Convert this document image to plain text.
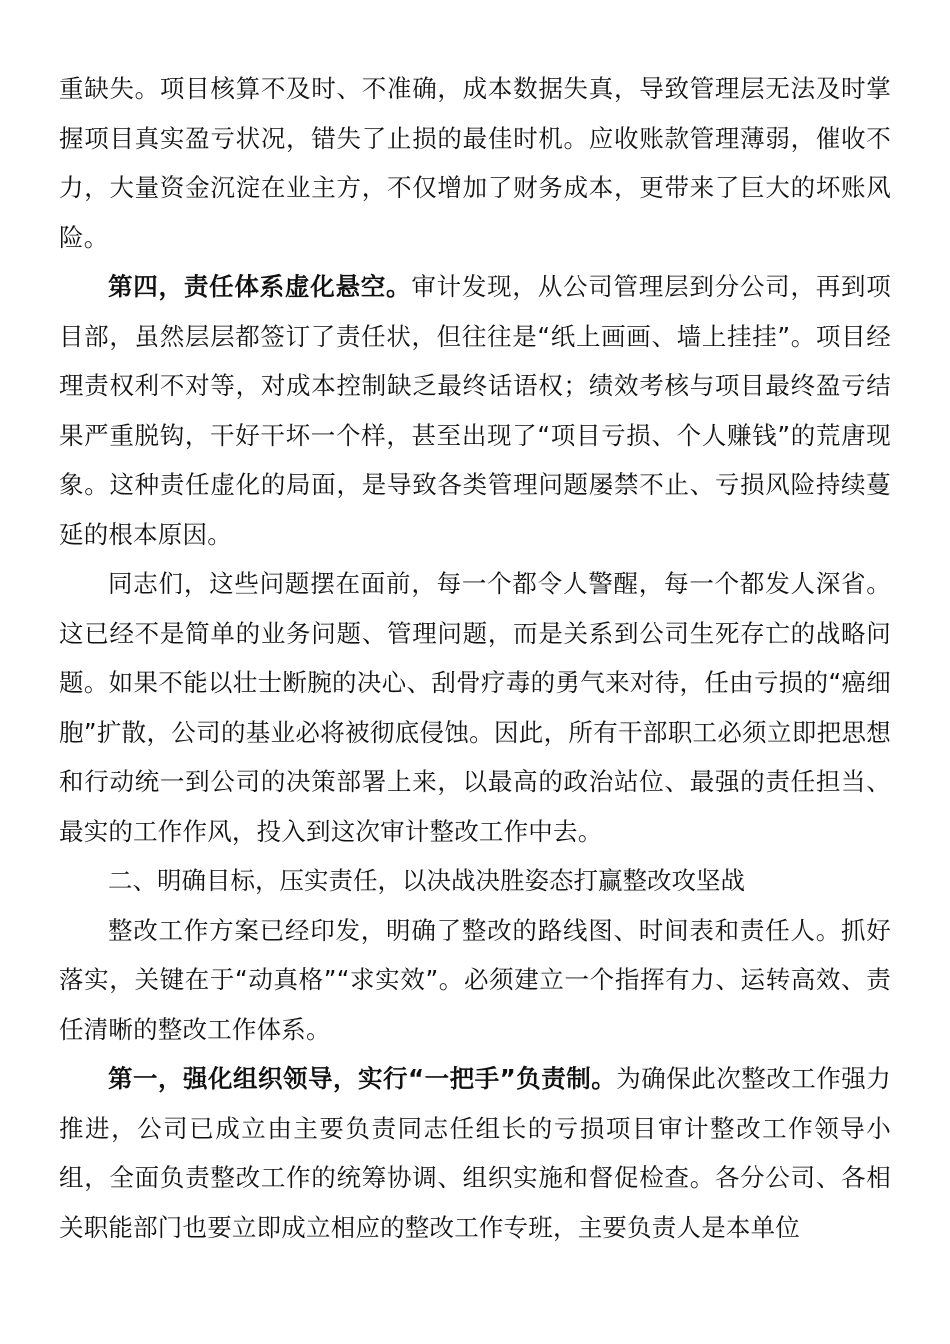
重缺失。项目核算不及时、不准确，成本数据失真，导致管理层无法及时掌握项目真实盈亏状况，错失了止损的最佳时机。应收账款管理薄弱，催收不力，大量资金沉淀在业主方，不仅增加了财务成本，更带来了巨大的坏账风险。

第四，责任体系虚化悬空。审计发现，从公司管理层到分公司，再到项目部，虽然层层都签订了责任状，但往往是“纸上画画、墙上挂挂”。项目经理责权利不对等，对成本控制缺乏最终话语权；绩效考核与项目最终盈亏结果严重脱钩，干好干坏一个样，甚至出现了“项目亏损、个人赚钱”的荒唐现象。这种责任虚化的局面，是导致各类管理问题屡禁不止、亏损风险持续蔓延的根本原因。

同志们，这些问题摆在面前，每一个都令人警醒，每一个都发人深省。这已经不是简单的业务问题、管理问题，而是关系到公司生死存亡的战略问题。如果不能以壮士断腕的决心、刮骨疗毒的勇气来对待，任由亏损的“癌细胞”扩散，公司的基业必将被彻底侵蚀。因此，所有干部职工必须立即把思想和行动统一到公司的决策部署上来，以最高的政治站位、最强的责任担当、最实的工作作风，投入到这次审计整改工作中去。

二、明确目标，压实责任，以决战决胜姿态打赢整改攻坚战

整改工作方案已经印发，明确了整改的路线图、时间表和责任人。抓好落实，关键在于“动真格”“求实效”。必须建立一个指挥有力、运转高效、责任清晰的整改工作体系。

第一，强化组织领导，实行“一把手”负责制。为确保此次整改工作强力推进，公司已成立由主要负责同志任组长的亏损项目审计整改工作领导小组，全面负责整改工作的统筹协调、组织实施和督促检查。各分公司、各相关职能部门也要立即成立相应的整改工作专班，主要负责人是本单位
